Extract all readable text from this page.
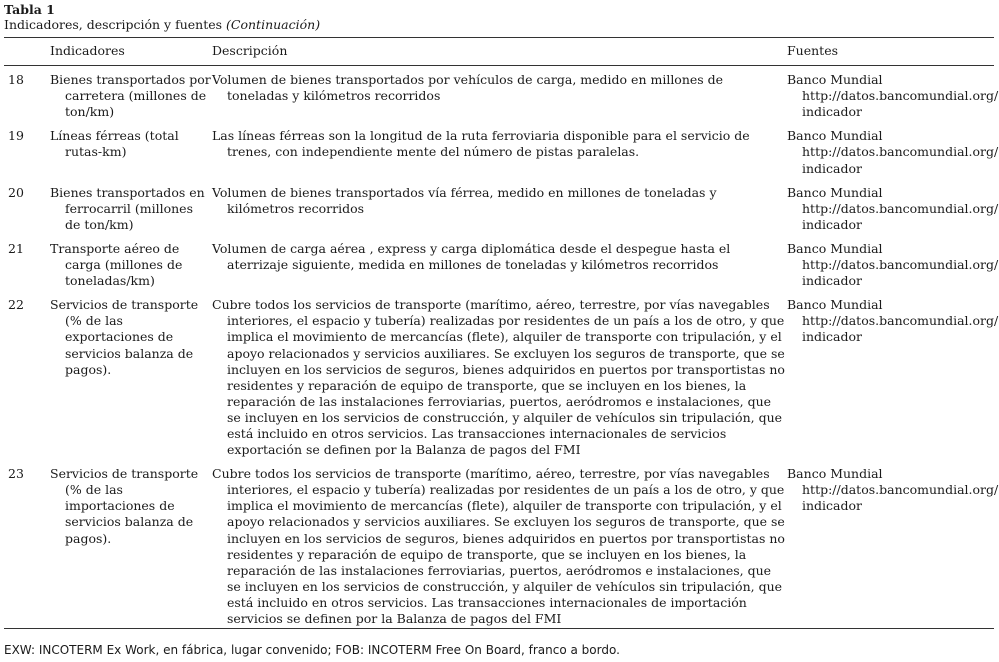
Tabla 1
Indicadores, descripción y fuentes (Continuación)
	Indicadores	Descripción	Fuentes
18	Bienes transportados por carretera (millones de ton/km)	Volumen de bienes transportados por vehículos de carga, medido en millones de toneladas y kilómetros recorridos	Banco Mundial http://datos.bancomundial.org/ indicador
19	Líneas férreas (total rutas-km)	Las líneas férreas son la longitud de la ruta ferroviaria disponible para el servicio de trenes, con independiente mente del número de pistas paralelas.	Banco Mundial http://datos.bancomundial.org/ indicador
20	Bienes transportados en ferrocarril (millones de ton/km)	Volumen de bienes transportados vía férrea, medido en millones de toneladas y kilómetros recorridos	Banco Mundial http://datos.bancomundial.org/ indicador
21	Transporte aéreo de carga (millones de toneladas/km)	Volumen de carga aérea , express y carga diplomática desde el despegue hasta el aterrizaje siguiente, medida en millones de toneladas y kilómetros recorridos	Banco Mundial http://datos.bancomundial.org/ indicador
22	Servicios de transporte (% de las exportaciones de servicios balanza de pagos).	Cubre todos los servicios de transporte (marítimo, aéreo, terrestre, por vías navegables interiores, el espacio y tubería) realizadas por residentes de un país a los de otro, y que implica el movimiento de mercancías (flete), alquiler de transporte con tripulación, y el apoyo relacionados y servicios auxiliares. Se excluyen los seguros de transporte, que se incluyen en los servicios de seguros, bienes adquiridos en puertos por transportistas no residentes y reparación de equipo de transporte, que se incluyen en los bienes, la reparación de las instalaciones ferroviarias, puertos, aeródromos e instalaciones, que se incluyen en los servicios de construcción, y alquiler de vehículos sin tripulación, que está incluido en otros servicios. Las transacciones internacionales de servicios exportación se definen por la Balanza de pagos del FMI	Banco Mundial http://datos.bancomundial.org/ indicador
23	Servicios de transporte (% de las importaciones de servicios balanza de pagos).	Cubre todos los servicios de transporte (marítimo, aéreo, terrestre, por vías navegables interiores, el espacio y tubería) realizadas por residentes de un país a los de otro, y que implica el movimiento de mercancías (flete), alquiler de transporte con tripulación, y el apoyo relacionados y servicios auxiliares. Se excluyen los seguros de transporte, que se incluyen en los servicios de seguros, bienes adquiridos en puertos por transportistas no residentes y reparación de equipo de transporte, que se incluyen en los bienes, la reparación de las instalaciones ferroviarias, puertos, aeródromos e instalaciones, que se incluyen en los servicios de construcción, y alquiler de vehículos sin tripulación, que está incluido en otros servicios. Las transacciones internacionales de importación servicios se definen por la Balanza de pagos del FMI	Banco Mundial http://datos.bancomundial.org/ indicador
EXW: INCOTERM Ex Work, en fábrica, lugar convenido; FOB: INCOTERM Free On Board, franco a bordo.
